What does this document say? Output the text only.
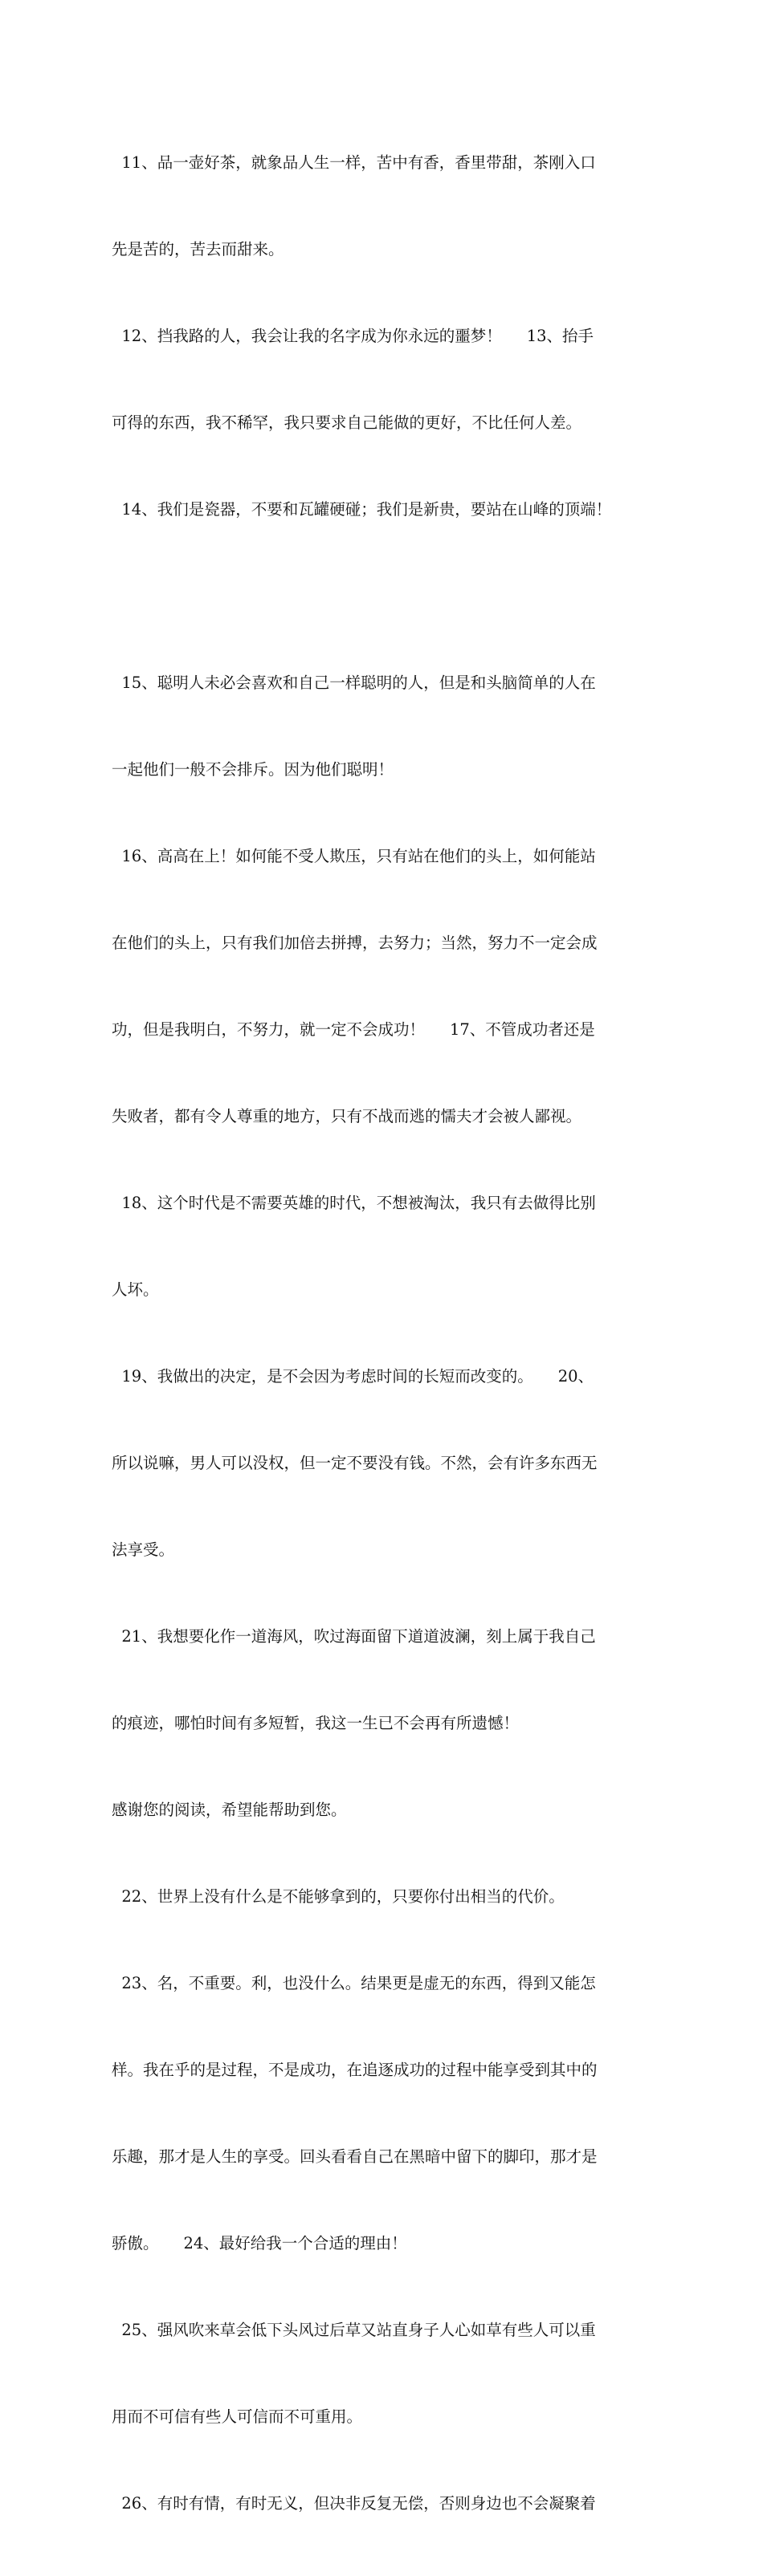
11、品一壶好茶，就象品人生一样，苦中有香，香里带甜，茶刚入口

先是苦的，苦去而甜来。

12、挡我路的人，我会让我的名字成为你永远的噩梦！     13、抬手

可得的东西，我不稀罕，我只要求自己能做的更好，不比任何人差。

14、我们是瓷器，不要和瓦罐硬碰；我们是新贵，要站在山峰的顶端！

15、聪明人未必会喜欢和自己一样聪明的人，但是和头脑简单的人在

一起他们一般不会排斥。因为他们聪明！

16、高高在上！如何能不受人欺压，只有站在他们的头上，如何能站

在他们的头上，只有我们加倍去拼搏，去努力；当然，努力不一定会成

功，但是我明白，不努力，就一定不会成功！     17、不管成功者还是

失败者，都有令人尊重的地方，只有不战而逃的懦夫才会被人鄙视。

18、这个时代是不需要英雄的时代，不想被淘汰，我只有去做得比别

人坏。

19、我做出的决定，是不会因为考虑时间的长短而改变的。     20、

所以说嘛，男人可以没权，但一定不要没有钱。不然，会有许多东西无

法享受。

21、我想要化作一道海风，吹过海面留下道道波澜，刻上属于我自己

的痕迹，哪怕时间有多短暂，我这一生已不会再有所遗憾！

感谢您的阅读，希望能帮助到您。

22、世界上没有什么是不能够拿到的，只要你付出相当的代价。

23、名，不重要。利，也没什么。结果更是虚无的东西，得到又能怎

样。我在乎的是过程，不是成功，在追逐成功的过程中能享受到其中的

乐趣，那才是人生的享受。回头看看自己在黑暗中留下的脚印，那才是

骄傲。     24、最好给我一个合适的理由！

25、强风吹来草会低下头风过后草又站直身子人心如草有些人可以重

用而不可信有些人可信而不可重用。

26、有时有情，有时无义，但决非反复无偿，否则身边也不会凝聚着
